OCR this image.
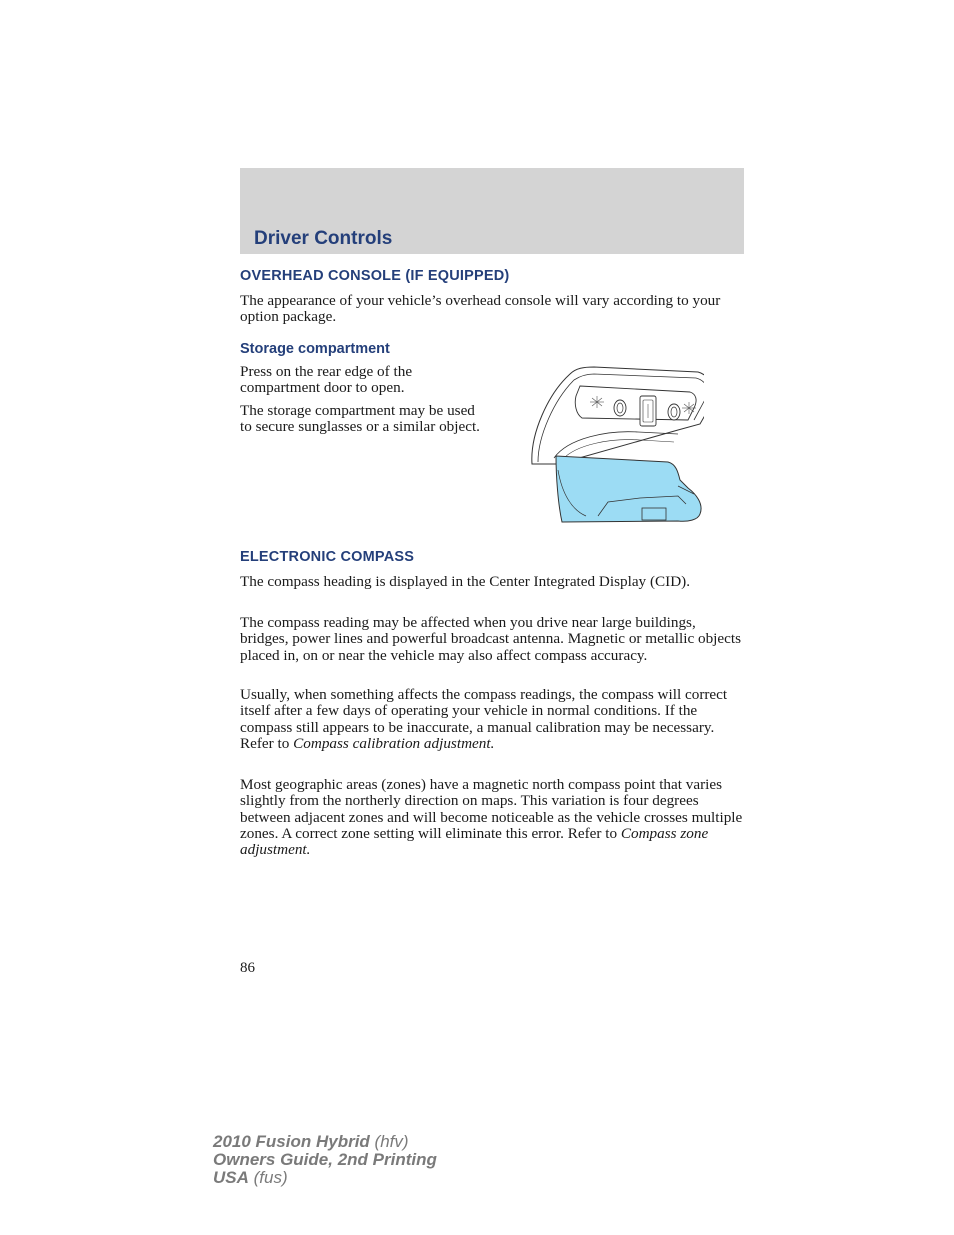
Driver Controls
OVERHEAD CONSOLE (IF EQUIPPED)

The appearance of your vehicle’s overhead console will vary according to your option package.

Storage compartment

Press on the rear edge of the compartment door to open.

The storage compartment may be used to secure sunglasses or a similar object.

ELECTRONIC COMPASS

The compass heading is displayed in the Center Integrated Display (CID).

The compass reading may be affected when you drive near large buildings, bridges, power lines and powerful broadcast antenna. Magnetic or metallic objects placed in, on or near the vehicle may also affect compass accuracy.

Usually, when something affects the compass readings, the compass will correct itself after a few days of operating your vehicle in normal conditions. If the compass still appears to be inaccurate, a manual calibration may be necessary. Refer to Compass calibration adjustment.

Most geographic areas (zones) have a magnetic north compass point that varies slightly from the northerly direction on maps. This variation is four degrees between adjacent zones and will become noticeable as the vehicle crosses multiple zones. A correct zone setting will eliminate this error. Refer to Compass zone adjustment.

86
2010 Fusion Hybrid (hfv)
Owners Guide, 2nd Printing
USA (fus)
